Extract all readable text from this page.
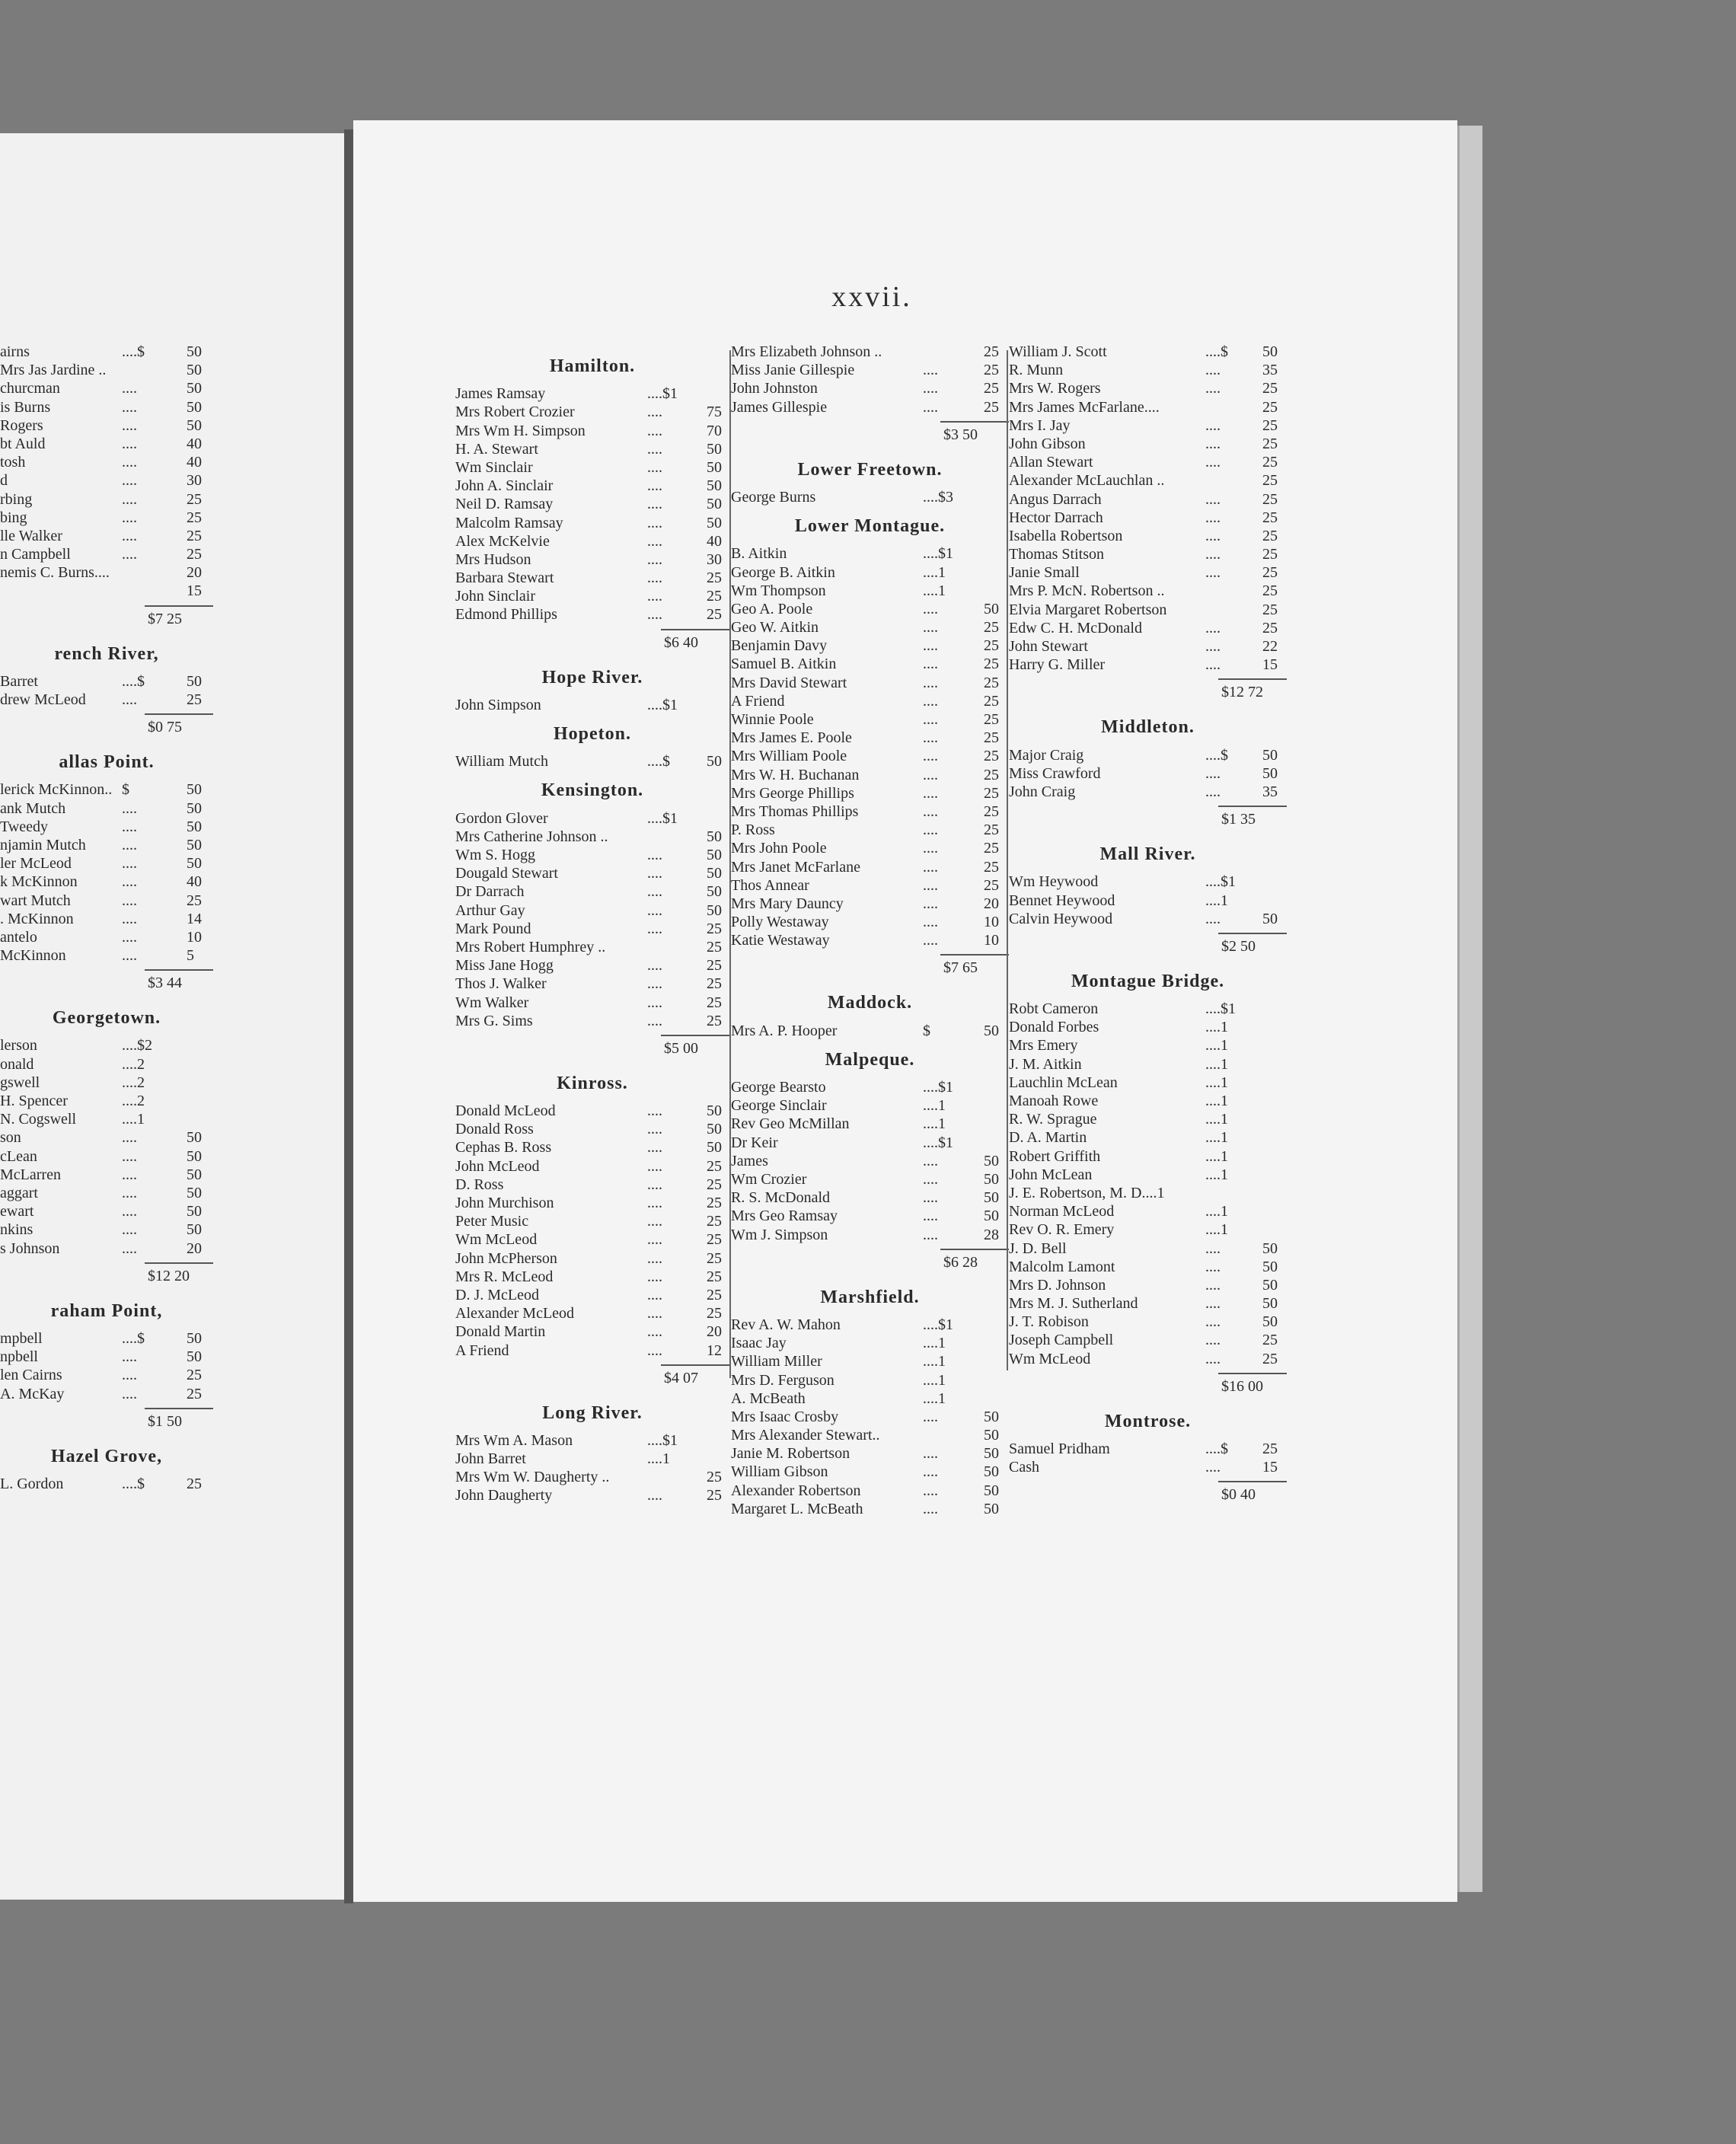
xxvii.
airns	....$	50
Mrs Jas Jardine ..	50
churcman	....	50
is Burns	....	50
Rogers	....	50
bt Auld	....	40
tosh	....	40
d	....	30
rbing	....	25
bing	....	25
lle Walker	....	25
n Campbell	....	25
nemis C. Burns....	20
15
$7 25
rench River,
Barret	....$	50
drew McLeod	....	25
$0 75
allas Point.
lerick McKinnon.. $	50
ank Mutch	....	50
Tweedy	....	50
njamin Mutch	....	50
ler McLeod	....	50
k McKinnon	....	40
wart Mutch	....	25
. McKinnon	....	14
antelo	....	10
McKinnon	....	5
$3 44
Georgetown.
lerson	....$2
onald	....2
gswell	....2
H. Spencer	....2
N. Cogswell	....1
son	....	50
cLean	....	50
McLarren	....	50
aggart	....	50
ewart	....	50
nkins	....	50
s Johnson	....	20
$12 20
raham Point,
mpbell	....$	50
npbell	....	50
len Cairns	....	25
A. McKay	....	25
$1 50
Hazel Grove,
L. Gordon	....$	25
Hamilton.
James Ramsay	....$1
Mrs Robert Crozier	....	75
Mrs Wm H. Simpson	....	70
H. A. Stewart	....	50
Wm Sinclair	....	50
John A. Sinclair	....	50
Neil D. Ramsay	....	50
Malcolm Ramsay	....	50
Alex McKelvie	....	40
Mrs Hudson	....	30
Barbara Stewart	....	25
John Sinclair	....	25
Edmond Phillips	....	25
$6 40
Hope River.
John Simpson	....$1
Hopeton.
William Mutch	....$ 50
Kensington.
Gordon Glover	....$1
Mrs Catherine Johnson ..	50
Wm S. Hogg	....	50
Dougald Stewart	....	50
Dr Darrach	....	50
Arthur Gay	....	50
Mark Pound	....	25
Mrs Robert Humphrey ..	25
Miss Jane Hogg	....	25
Thos J. Walker	....	25
Wm Walker	....	25
Mrs G. Sims	....	25
$5 00
Kinross.
Donald McLeod	....	50
Donald Ross	....	50
Cephas B. Ross	....	50
John McLeod	....	25
D. Ross	....	25
John Murchison	....	25
Peter Music	....	25
Wm McLeod	....	25
John McPherson	....	25
Mrs R. McLeod	....	25
D. J. McLeod	....	25
Alexander McLeod	....	25
Donald Martin	....	20
A Friend	....	12
$4 07
Long River.
Mrs Wm A. Mason	....$1
John Barret	....1
Mrs Wm W. Daugherty ..	25
John Daugherty	....	25
Mrs Elizabeth Johnson ..	25
Miss Janie Gillespie	....	25
John Johnston	....	25
James Gillespie	....	25
$3 50
Lower Freetown.
George Burns	....$3
Lower Montague.
B. Aitkin	....$1
George B. Aitkin	....1
Wm Thompson	....1
Geo A. Poole	....	50
Geo W. Aitkin	....	25
Benjamin Davy	....	25
Samuel B. Aitkin	....	25
Mrs David Stewart	....	25
A Friend	....	25
Winnie Poole	....	25
Mrs James E. Poole	....	25
Mrs William Poole	....	25
Mrs W. H. Buchanan	....	25
Mrs George Phillips	....	25
Mrs Thomas Phillips	....	25
P. Ross	....	25
Mrs John Poole	....	25
Mrs Janet McFarlane	....	25
Thos Annear	....	25
Mrs Mary Dauncy	....	20
Polly Westaway	....	10
Katie Westaway	....	10
$7 65
Maddock.
Mrs A. P. Hooper	$	50
Malpeque.
George Bearsto	....$1
George Sinclair	....1
Rev Geo McMillan	....1
Dr Keir	....$1
James	....	50
Wm Crozier	....	50
R. S. McDonald	....	50
Mrs Geo Ramsay	....	50
Wm J. Simpson	....	28
$6 28
Marshfield.
Rev A. W. Mahon	....$1
Isaac Jay	....1
William Miller	....1
Mrs D. Ferguson	....1
A. McBeath	....1
Mrs Isaac Crosby	....	50
Mrs Alexander Stewart..	50
Janie M. Robertson	....	50
William Gibson	....	50
Alexander Robertson	....	50
Margaret L. McBeath	....	50
William J. Scott	....$ 50
R. Munn	....	35
Mrs W. Rogers	....	25
Mrs James McFarlane....	25
Mrs I. Jay	....	25
John Gibson	....	25
Allan Stewart	....	25
Alexander McLauchlan ..	25
Angus Darrach	....	25
Hector Darrach	....	25
Isabella Robertson	....	25
Thomas Stitson	....	25
Janie Small	....	25
Mrs P. McN. Robertson ..	25
Elvia Margaret Robertson	25
Edw C. H. McDonald	....	25
John Stewart	....	22
Harry G. Miller	....	15
$12 72
Middleton.
Major Craig	....$ 50
Miss Crawford	....	50
John Craig	....	35
$1 35
Mall River.
Wm Heywood	....$1
Bennet Heywood	....1
Calvin Heywood	....	50
$2 50
Montague Bridge.
Robt Cameron	....$1
Donald Forbes	....1
Mrs Emery	....1
J. M. Aitkin	....1
Lauchlin McLean	....1
Manoah Rowe	....1
R. W. Sprague	....1
D. A. Martin	....1
Robert Griffith	....1
John McLean	....1
J. E. Robertson, M. D....1
Norman McLeod	....1
Rev O. R. Emery	....1
J. D. Bell	....	50
Malcolm Lamont	....	50
Mrs D. Johnson	....	50
Mrs M. J. Sutherland	....	50
J. T. Robison	....	50
Joseph Campbell	....	25
Wm McLeod	....	25
$16 00
Montrose.
Samuel Pridham	....$ 25
Cash	....	15
$0 40
